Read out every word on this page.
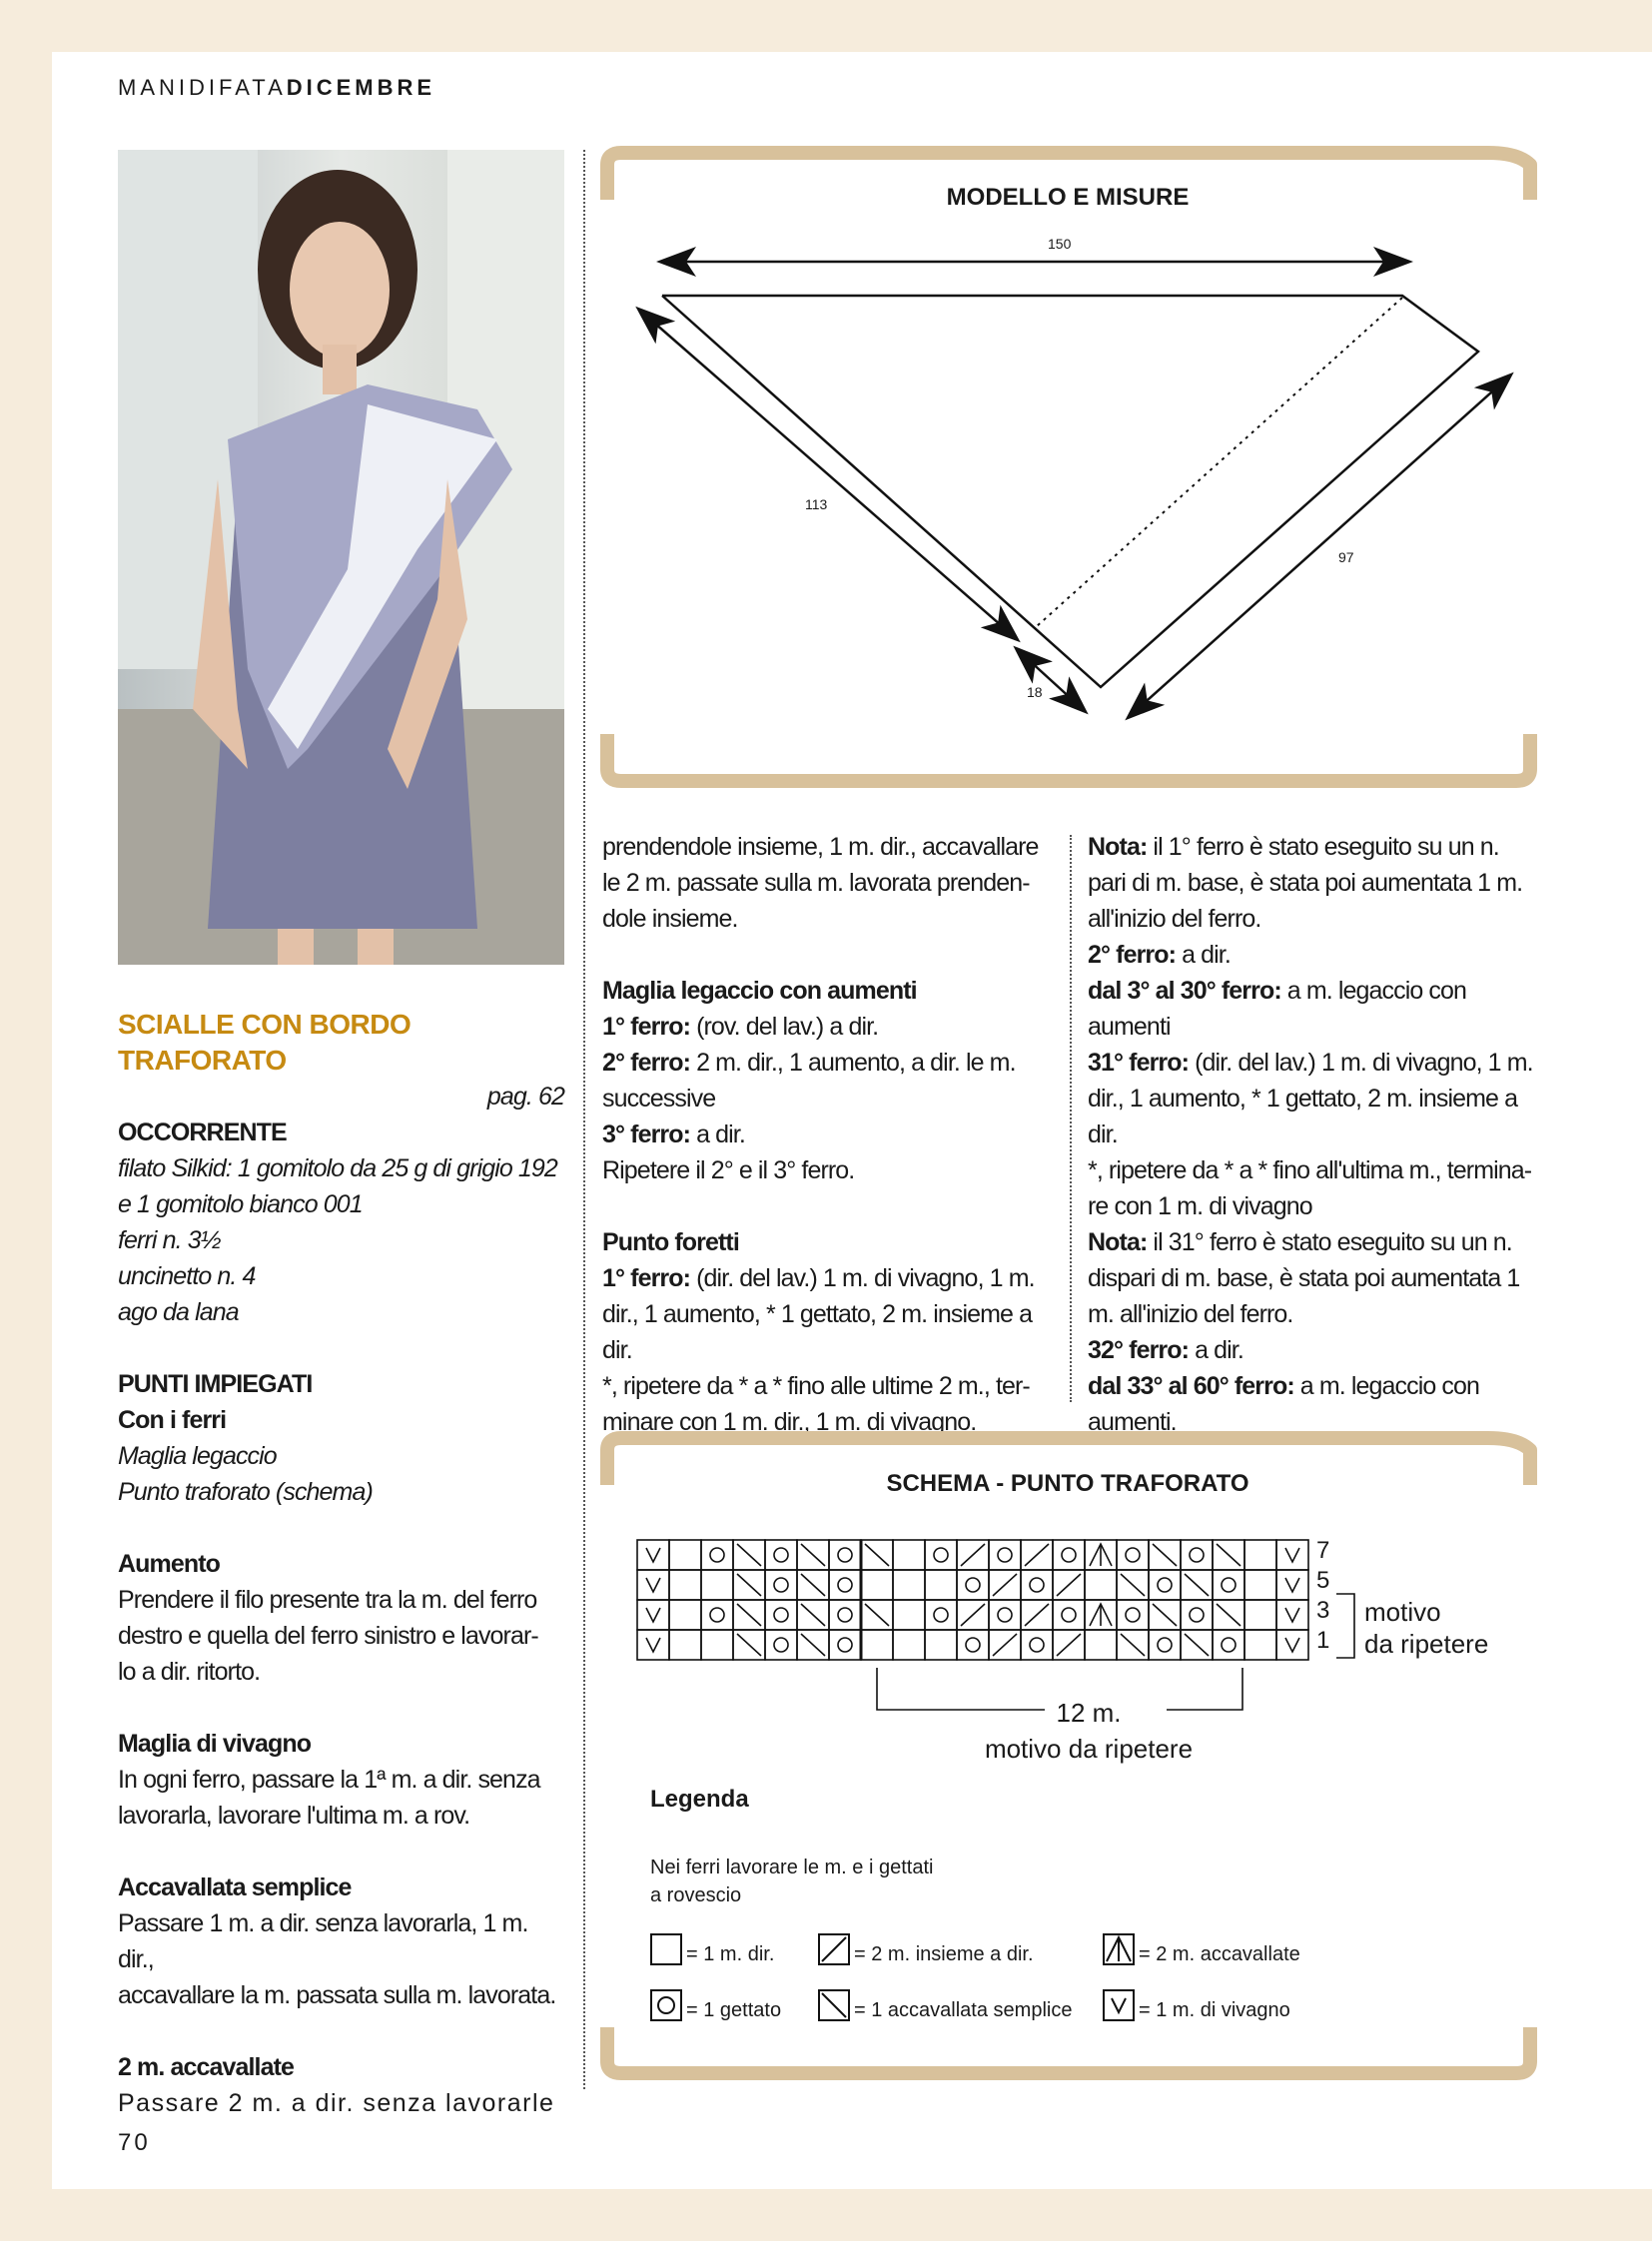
MANIDIFATADICEMBRE

SCIALLE CON BORDO
TRAFORATO

pag. 62

OCCORRENTE

filato Silkid: 1 gomitolo da 25 g di grigio 192

e 1 gomitolo bianco 001

ferri n. 3½

uncinetto n. 4

ago da lana

PUNTI IMPIEGATI

Con i ferri

Maglia legaccio

Punto traforato (schema)

Aumento

Prendere il filo presente tra la m. del ferro

destro e quella del ferro sinistro e lavorar-

lo a dir. ritorto.

Maglia di vivagno

In ogni ferro, passare la 1ª m. a dir. senza

lavorarla, lavorare l'ultima m. a rov.

Accavallata semplice

Passare 1 m. a dir. senza lavorarla, 1 m. dir.,

accavallare la m. passata sulla m. lavorata.

2 m. accavallate

Passare 2 m. a dir. senza lavorarle

MODELLO E MISURE
150
113
97
18

prendendole insieme, 1 m. dir., accavallare

le 2 m. passate sulla m. lavorata prenden-

dole insieme.

Maglia legaccio con aumenti

1° ferro: (rov. del lav.) a dir.

2° ferro: 2 m. dir., 1 aumento, a dir. le m.

successive

3° ferro: a dir.

Ripetere il 2° e il 3° ferro.

Punto foretti

1° ferro: (dir. del lav.) 1 m. di vivagno, 1 m.

dir., 1 aumento, * 1 gettato, 2 m. insieme a dir.

*, ripetere da * a * fino alle ultime 2 m., ter-

minare con 1 m. dir., 1 m. di vivagno.

Nota: il 1° ferro è stato eseguito su un n.

pari di m. base, è stata poi aumentata 1 m.

all'inizio del ferro.

2° ferro: a dir.

dal 3° al 30° ferro: a m. legaccio con

aumenti

31° ferro: (dir. del lav.) 1 m. di vivagno, 1 m.

dir., 1 aumento, * 1 gettato, 2 m. insieme a dir.

*, ripetere da * a * fino all'ultima m., termina-

re con 1 m. di vivagno

Nota: il 31° ferro è stato eseguito su un n.

dispari di m. base, è stata poi aumentata 1

m. all'inizio del ferro.

32° ferro: a dir.

dal 33° al 60° ferro: a m. legaccio con

aumenti.

SCHEMA - PUNTO TRAFORATO
7
5
3
1
motivo
da ripetere
12 m.
motivo da ripetere
Legenda
Nei ferri lavorare le m. e i gettati
a rovescio
= 1 m. dir.	= 2 m. insieme a dir.	= 2 m. accavallate
= 1 gettato	= 1 accavallata semplice	= 1 m. di vivagno
70
